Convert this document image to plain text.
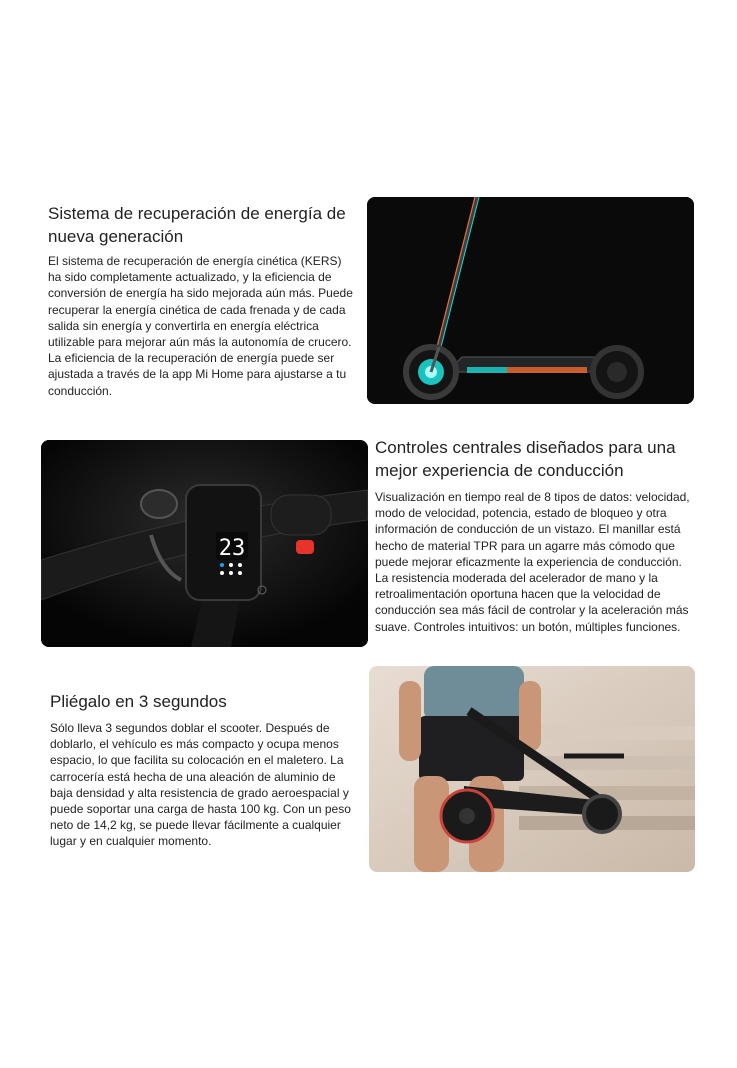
Sistema de recuperación de energía de nueva generación

El sistema de recuperación de energía cinética (KERS) ha sido completamente actualizado, y la eficiencia de conversión de energía ha sido mejorada aún más. Puede recuperar la energía cinética de cada frenada y de cada salida sin energía y convertirla en energía eléctrica utilizable para mejorar aún más la autonomía de crucero. La eficiencia de la recuperación de energía puede ser ajustada a través de la app Mi Home para ajustarse a tu conducción.

23
Controles centrales diseñados para una mejor experiencia de conducción

Visualización en tiempo real de 8 tipos de datos: velocidad, modo de velocidad, potencia, estado de bloqueo y otra información de conducción de un vistazo. El manillar está hecho de material TPR para un agarre más cómodo que puede mejorar eficazmente la experiencia de conducción. La resistencia moderada del acelerador de mano y la retroalimentación oportuna hacen que la velocidad de conducción sea más fácil de controlar y la aceleración más suave. Controles intuitivos: un botón, múltiples funciones.

Pliégalo en 3 segundos

Sólo lleva 3 segundos doblar el scooter. Después de doblarlo, el vehículo es más compacto y ocupa menos espacio, lo que facilita su colocación en el maletero. La carrocería está hecha de una aleación de aluminio de baja densidad y alta resistencia de grado aeroespacial y puede soportar una carga de hasta 100 kg. Con un peso neto de 14,2 kg, se puede llevar fácilmente a cualquier lugar y en cualquier momento.
